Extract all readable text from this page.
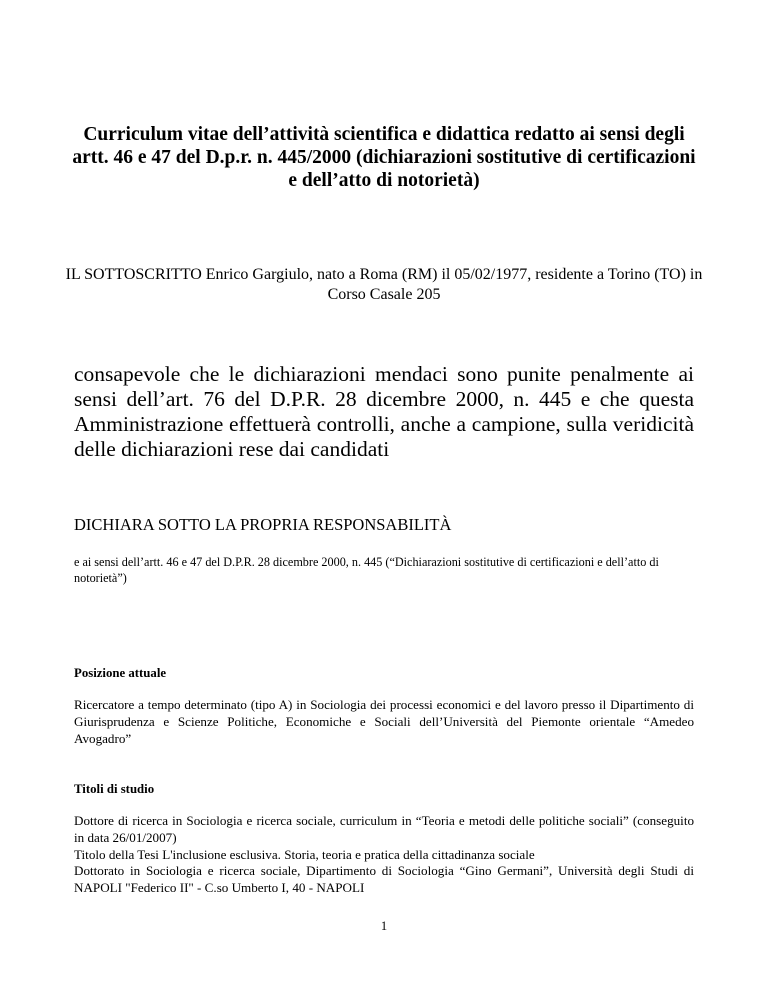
Curriculum vitae dell’attività scientifica e didattica redatto ai sensi degli artt. 46 e 47 del D.p.r. n. 445/2000 (dichiarazioni sostitutive di certificazioni e dell’atto di notorietà)
IL SOTTOSCRITTO Enrico Gargiulo, nato a Roma (RM) il 05/02/1977, residente a Torino (TO) in Corso Casale 205
consapevole che le dichiarazioni mendaci sono punite penalmente ai sensi dell’art. 76 del D.P.R. 28 dicembre 2000, n. 445 e che questa Amministrazione effettuerà controlli, anche a campione, sulla veridicità delle dichiarazioni rese dai candidati
DICHIARA SOTTO LA PROPRIA RESPONSABILITÀ
e ai sensi dell’artt. 46 e 47 del D.P.R. 28 dicembre 2000, n. 445 (“Dichiarazioni sostitutive di certificazioni e dell’atto di notorietà”)
Posizione attuale
Ricercatore a tempo determinato (tipo A) in Sociologia dei processi economici e del lavoro presso il Dipartimento di Giurisprudenza e Scienze Politiche, Economiche e Sociali dell’Università del Piemonte orientale “Amedeo Avogadro”
Titoli di studio
Dottore di ricerca in Sociologia e ricerca sociale, curriculum in “Teoria e metodi delle politiche sociali” (conseguito in data 26/01/2007)
Titolo della Tesi L'inclusione esclusiva. Storia, teoria e pratica della cittadinanza sociale
Dottorato in Sociologia e ricerca sociale, Dipartimento di Sociologia “Gino Germani”, Università degli Studi di NAPOLI "Federico II" - C.so Umberto I, 40 - NAPOLI
1
